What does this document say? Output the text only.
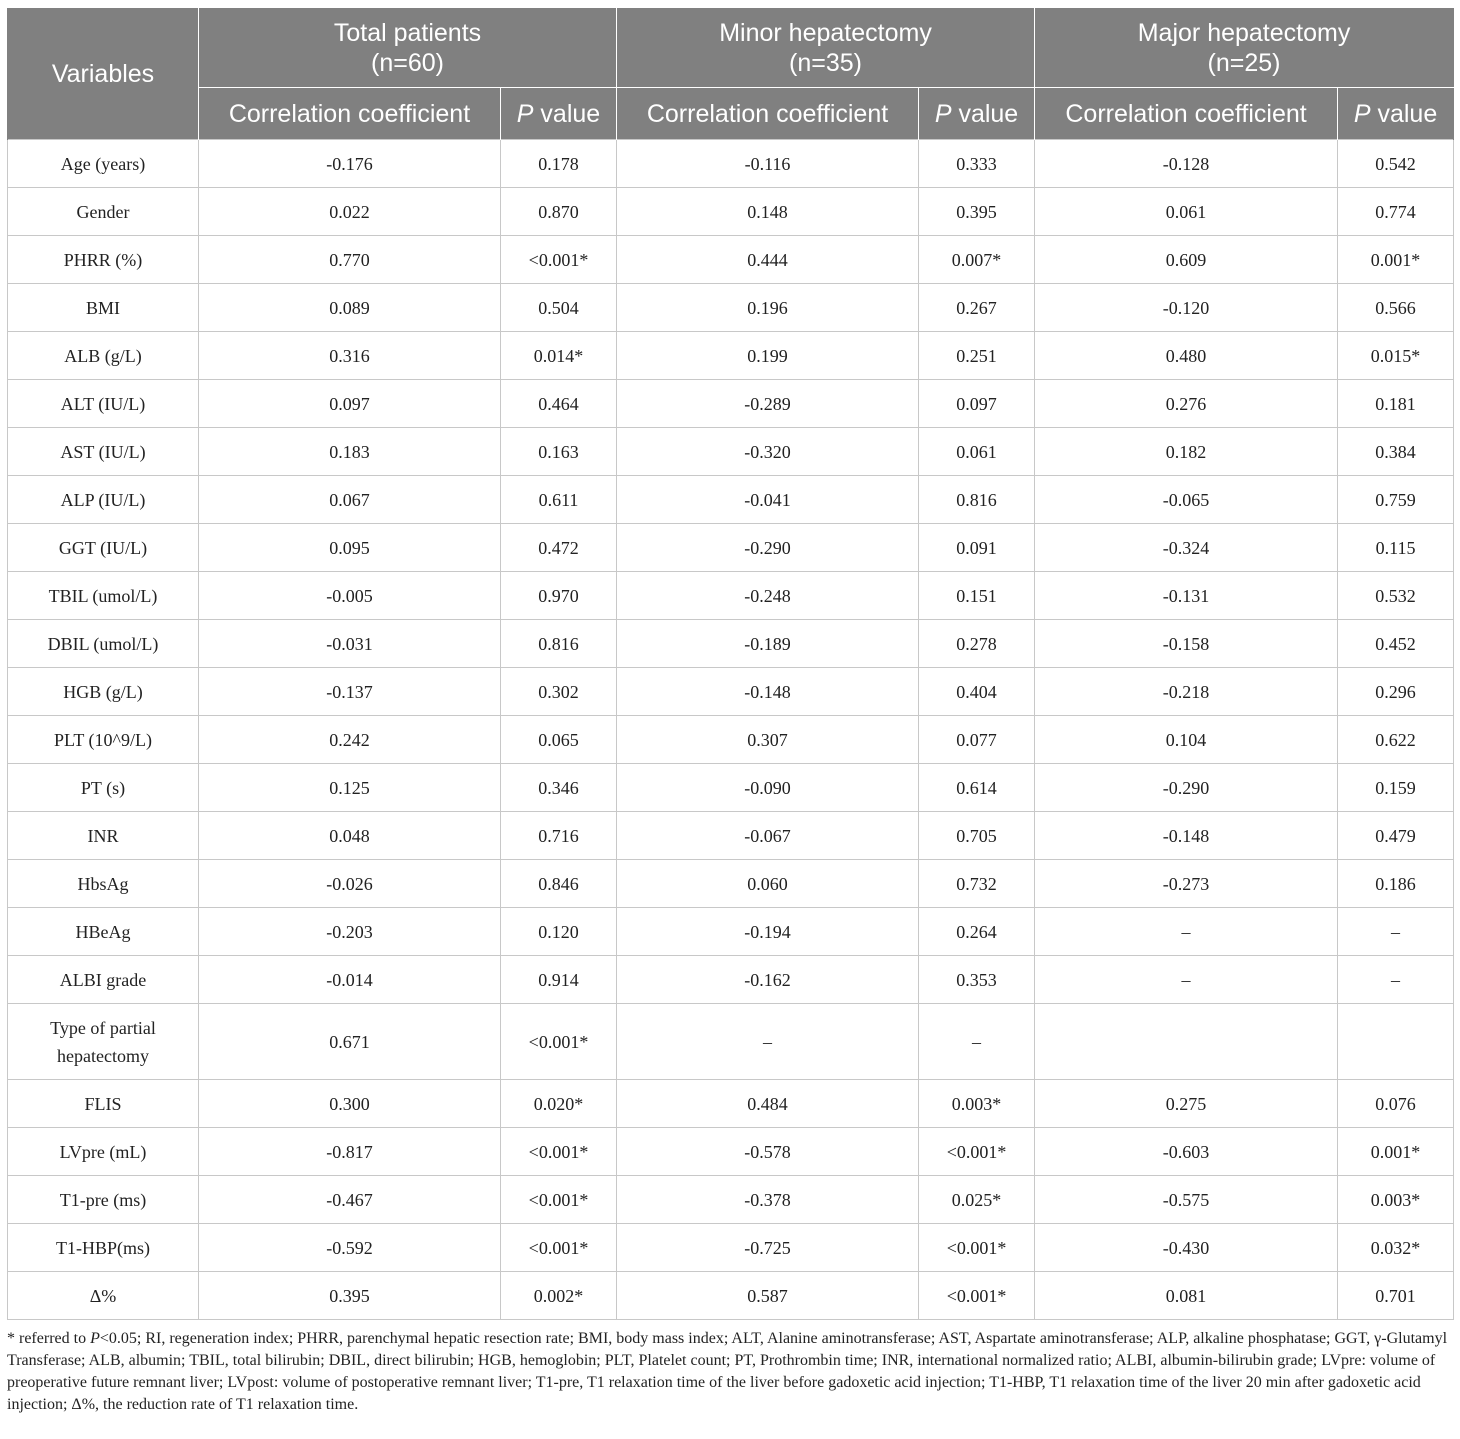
Variables	Total patients
(n=60)		Minor hepatectomy
(n=35)		Major hepatectomy
(n=25)	
	Correlation coefficient	P value	Correlation coefficient	P value	Correlation coefficient	P value
Age (years)	-0.176	0.178	-0.116	0.333	-0.128	0.542
Gender	0.022	0.870	0.148	0.395	0.061	0.774
PHRR (%)	0.770	<0.001*	0.444	0.007*	0.609	0.001*
BMI	0.089	0.504	0.196	0.267	-0.120	0.566
ALB (g/L)	0.316	0.014*	0.199	0.251	0.480	0.015*
ALT (IU/L)	0.097	0.464	-0.289	0.097	0.276	0.181
AST (IU/L)	0.183	0.163	-0.320	0.061	0.182	0.384
ALP (IU/L)	0.067	0.611	-0.041	0.816	-0.065	0.759
GGT (IU/L)	0.095	0.472	-0.290	0.091	-0.324	0.115
TBIL (umol/L)	-0.005	0.970	-0.248	0.151	-0.131	0.532
DBIL (umol/L)	-0.031	0.816	-0.189	0.278	-0.158	0.452
HGB (g/L)	-0.137	0.302	-0.148	0.404	-0.218	0.296
PLT (10^9/L)	0.242	0.065	0.307	0.077	0.104	0.622
PT (s)	0.125	0.346	-0.090	0.614	-0.290	0.159
INR	0.048	0.716	-0.067	0.705	-0.148	0.479
HbsAg	-0.026	0.846	0.060	0.732	-0.273	0.186
HBeAg	-0.203	0.120	-0.194	0.264	–	–
ALBI grade	-0.014	0.914	-0.162	0.353	–	–
Type of partial hepatectomy	0.671	<0.001*	–	–		
FLIS	0.300	0.020*	0.484	0.003*	0.275	0.076
LVpre (mL)	-0.817	<0.001*	-0.578	<0.001*	-0.603	0.001*
T1-pre (ms)	-0.467	<0.001*	-0.378	0.025*	-0.575	0.003*
T1-HBP(ms)	-0.592	<0.001*	-0.725	<0.001*	-0.430	0.032*
Δ%	0.395	0.002*	0.587	<0.001*	0.081	0.701
* referred to P<0.05; RI, regeneration index; PHRR, parenchymal hepatic resection rate; BMI, body mass index; ALT, Alanine aminotransferase; AST, Aspartate aminotransferase; ALP, alkaline phosphatase; GGT, γ-Glutamyl Transferase; ALB, albumin; TBIL, total bilirubin; DBIL, direct bilirubin; HGB, hemoglobin; PLT, Platelet count; PT, Prothrombin time; INR, international normalized ratio; ALBI, albumin-bilirubin grade; LVpre: volume of preoperative future remnant liver; LVpost: volume of postoperative remnant liver; T1-pre, T1 relaxation time of the liver before gadoxetic acid injection; T1-HBP, T1 relaxation time of the liver 20 min after gadoxetic acid injection; Δ%, the reduction rate of T1 relaxation time.
